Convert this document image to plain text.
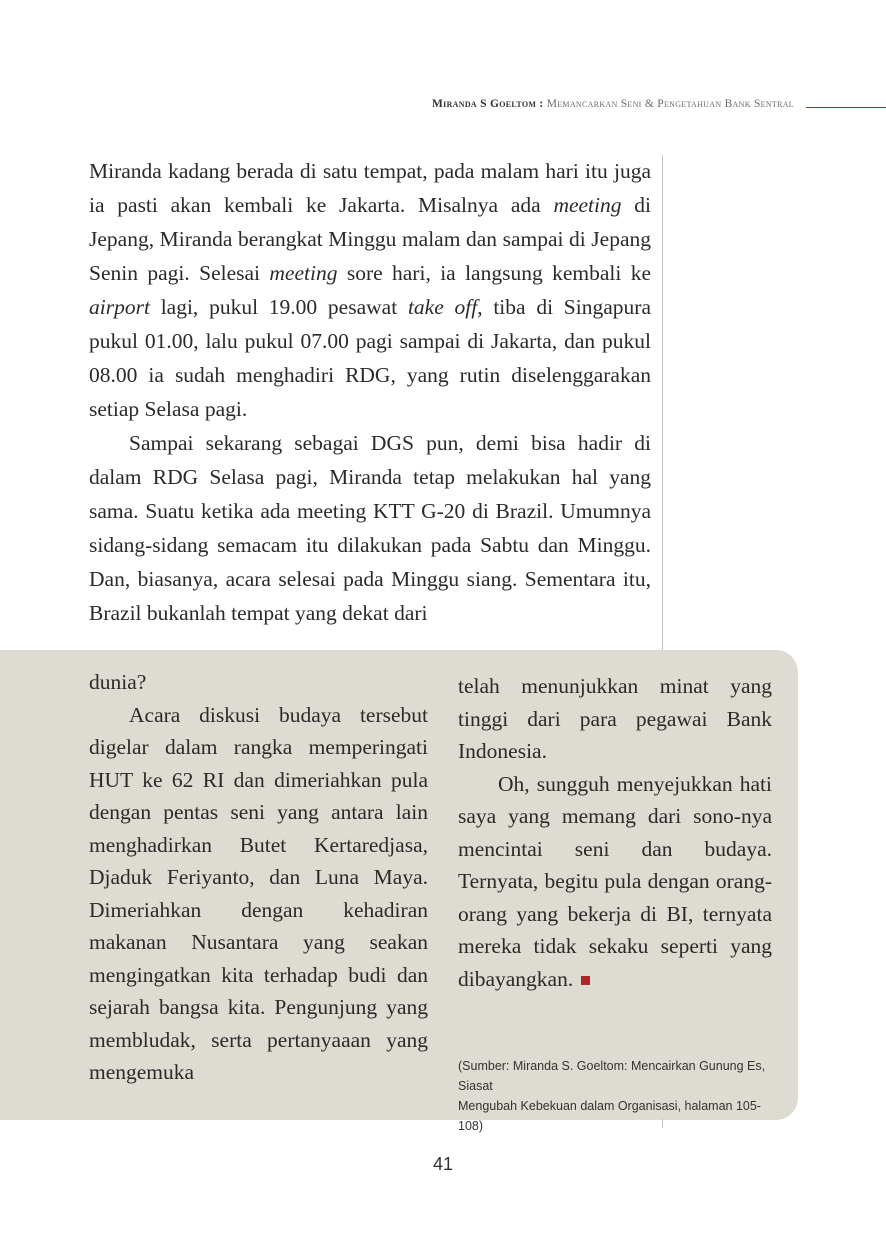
Miranda S Goeltom : Memancarkan Seni & Pengetahuan Bank Sentral

Miranda kadang berada di satu tempat, pada malam hari itu juga ia pasti akan kembali ke Jakarta. Misalnya ada meeting di Jepang, Miranda berangkat Minggu malam dan sampai di Jepang Senin pagi. Selesai meeting sore hari, ia langsung kembali ke airport lagi, pukul 19.00 pesawat take off, tiba di Singapura pukul 01.00, lalu pukul 07.00 pagi sampai di Jakarta, dan pukul 08.00 ia sudah menghadiri RDG, yang rutin diselenggarakan setiap Selasa pagi.

Sampai sekarang sebagai DGS pun, demi bisa hadir di dalam RDG Selasa pagi, Miranda tetap melakukan hal yang sama. Suatu ketika ada meeting KTT G-20 di Brazil. Umumnya sidang-sidang semacam itu dilakukan pada Sabtu dan Minggu. Dan, biasanya, acara selesai pada Minggu siang. Sementara itu, Brazil bukanlah tempat yang dekat dari

dunia?

Acara diskusi budaya tersebut digelar dalam rangka memperingati HUT ke 62 RI dan dimeriahkan pula dengan pentas seni yang antara lain menghadirkan Butet Kertaredjasa, Djaduk Feriyanto, dan Luna Maya. Dimeriahkan dengan kehadiran makanan Nusantara yang seakan mengingatkan kita terhadap budi dan sejarah bangsa kita. Pengunjung yang membludak, serta pertanyaaan yang mengemuka

telah menunjukkan minat yang tinggi dari para pegawai Bank Indonesia.

Oh, sungguh menyejukkan hati saya yang memang dari sono-nya mencintai seni dan budaya. Ternyata, begitu pula dengan orang-orang yang bekerja di BI, ternyata mereka tidak sekaku seperti yang dibayangkan.

(Sumber: Miranda S. Goeltom: Mencairkan Gunung Es, Siasat
Mengubah Kebekuan dalam Organisasi, halaman 105-108)
41
